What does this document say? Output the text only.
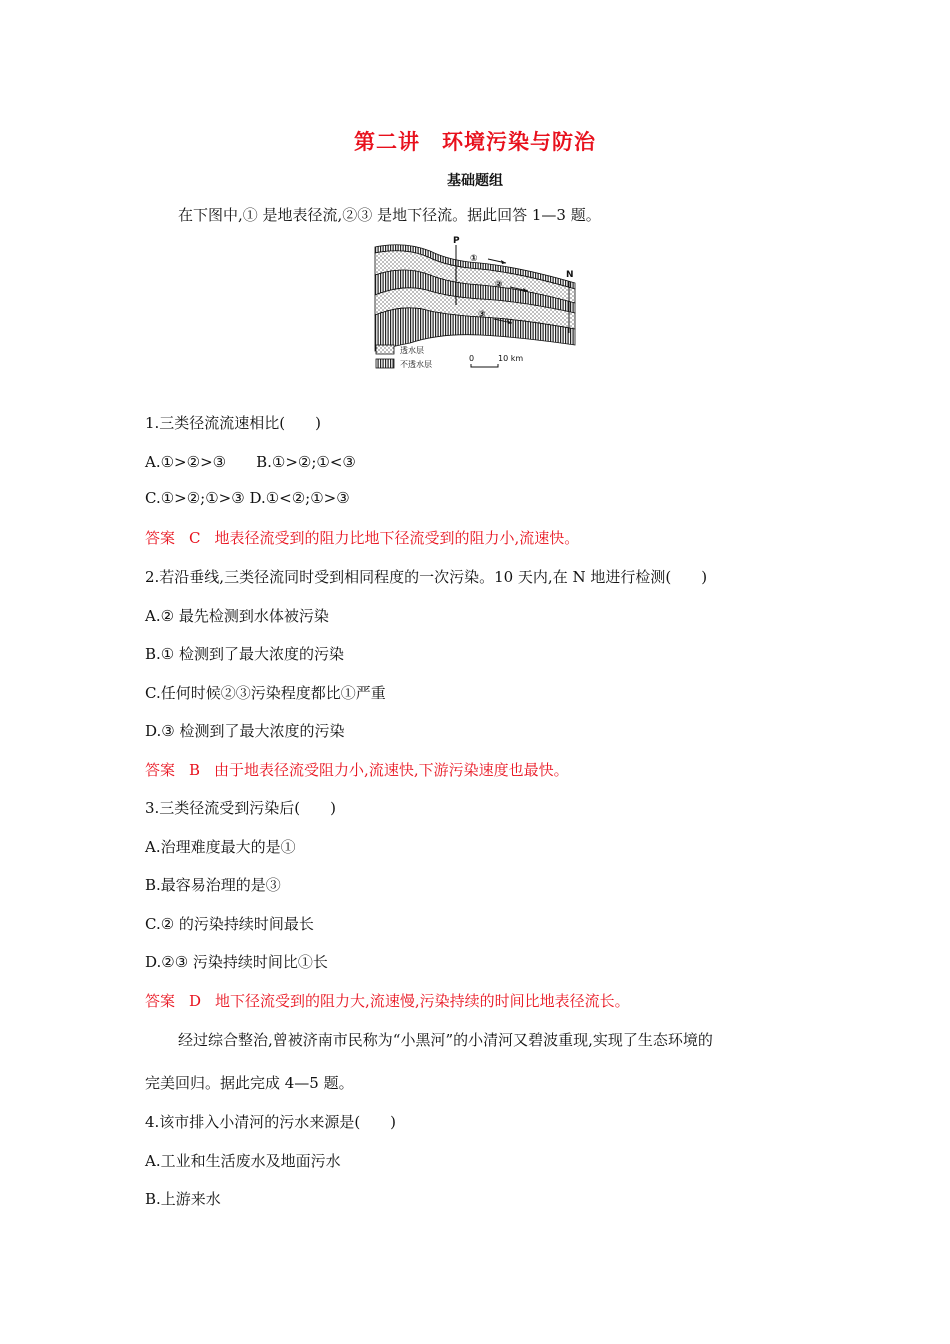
第二讲　环境污染与防治
基础题组
在下图中,① 是地表径流,②③ 是地下径流。据此回答 1—3 题。
P
N
①
②
③
透水层
不透水层
0	10 km
1.三类径流流速相比(　　)
A.①>②>③　　B.①>②;①<③
C.①>②;①>③ D.①<②;①>③
答案 C 地表径流受到的阻力比地下径流受到的阻力小,流速快。
2.若沿垂线,三类径流同时受到相同程度的一次污染。10 天内,在 N 地进行检测(　　)
A.② 最先检测到水体被污染
B.① 检测到了最大浓度的污染
C.任何时候②③污染程度都比①严重
D.③ 检测到了最大浓度的污染
答案 B 由于地表径流受阻力小,流速快,下游污染速度也最快。
3.三类径流受到污染后(　　)
A.治理难度最大的是①
B.最容易治理的是③
C.② 的污染持续时间最长
D.②③ 污染持续时间比①长
答案 D 地下径流受到的阻力大,流速慢,污染持续的时间比地表径流长。
经过综合整治,曾被济南市民称为“小黑河”的小清河又碧波重现,实现了生态环境的
完美回归。据此完成 4—5 题。
4.该市排入小清河的污水来源是(　　)
A.工业和生活废水及地面污水
B.上游来水
